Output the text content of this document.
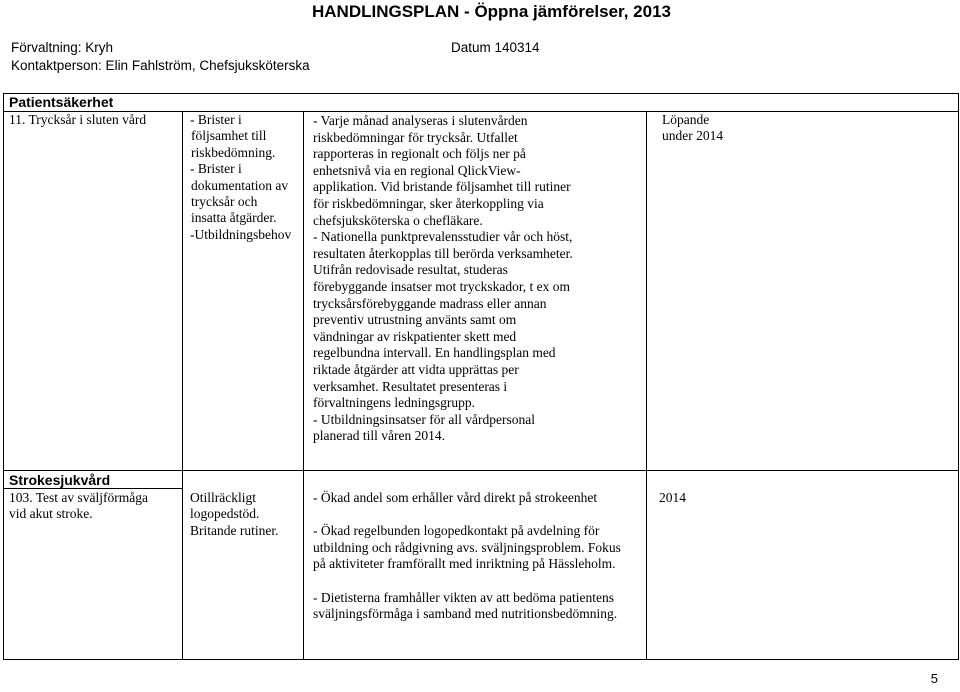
HANDLINGSPLAN - Öppna jämförelser, 2013
Förvaltning: Kryh	Datum 140314
Kontaktperson: Elin Fahlström, Chefsjuksköterska
Patientsäkerhet
11. Trycksår i sluten vård	- Brister i
följsamhet till
riskbedömning.
- Brister i
dokumentation av
trycksår och
insatta åtgärder.
-Utbildningsbehov
- Varje månad analyseras i slutenvården
riskbedömningar för trycksår. Utfallet
rapporteras in regionalt och följs ner på
enhetsnivå via en regional QlickView-
applikation. Vid bristande följsamhet till rutiner
för riskbedömningar, sker återkoppling via
chefsjuksköterska o chefläkare.
- Nationella punktprevalensstudier vår och höst,
resultaten återkopplas till berörda verksamheter.
Utifrån redovisade resultat, studeras
förebyggande insatser mot tryckskador, t ex om
trycksårsförebyggande madrass eller annan
preventiv utrustning använts samt om
vändningar av riskpatienter skett med
regelbundna intervall. En handlingsplan med
riktade åtgärder att vidta upprättas per
verksamhet. Resultatet presenteras i
förvaltningens ledningsgrupp.
- Utbildningsinsatser för all vårdpersonal
planerad till våren 2014.
Löpande
under 2014
Strokesjukvård
103. Test av sväljförmåga
vid akut stroke.
Otillräckligt
logopedstöd.
Britande rutiner.
- Ökad andel som erhåller vård direkt på strokeenhet
- Ökad regelbunden logopedkontakt på avdelning för
utbildning och rådgivning avs. sväljningsproblem. Fokus
på aktiviteter framförallt med inriktning på Hässleholm.
- Dietisterna framhåller vikten av att bedöma patientens
sväljningsförmåga i samband med nutritionsbedömning.
2014
5
